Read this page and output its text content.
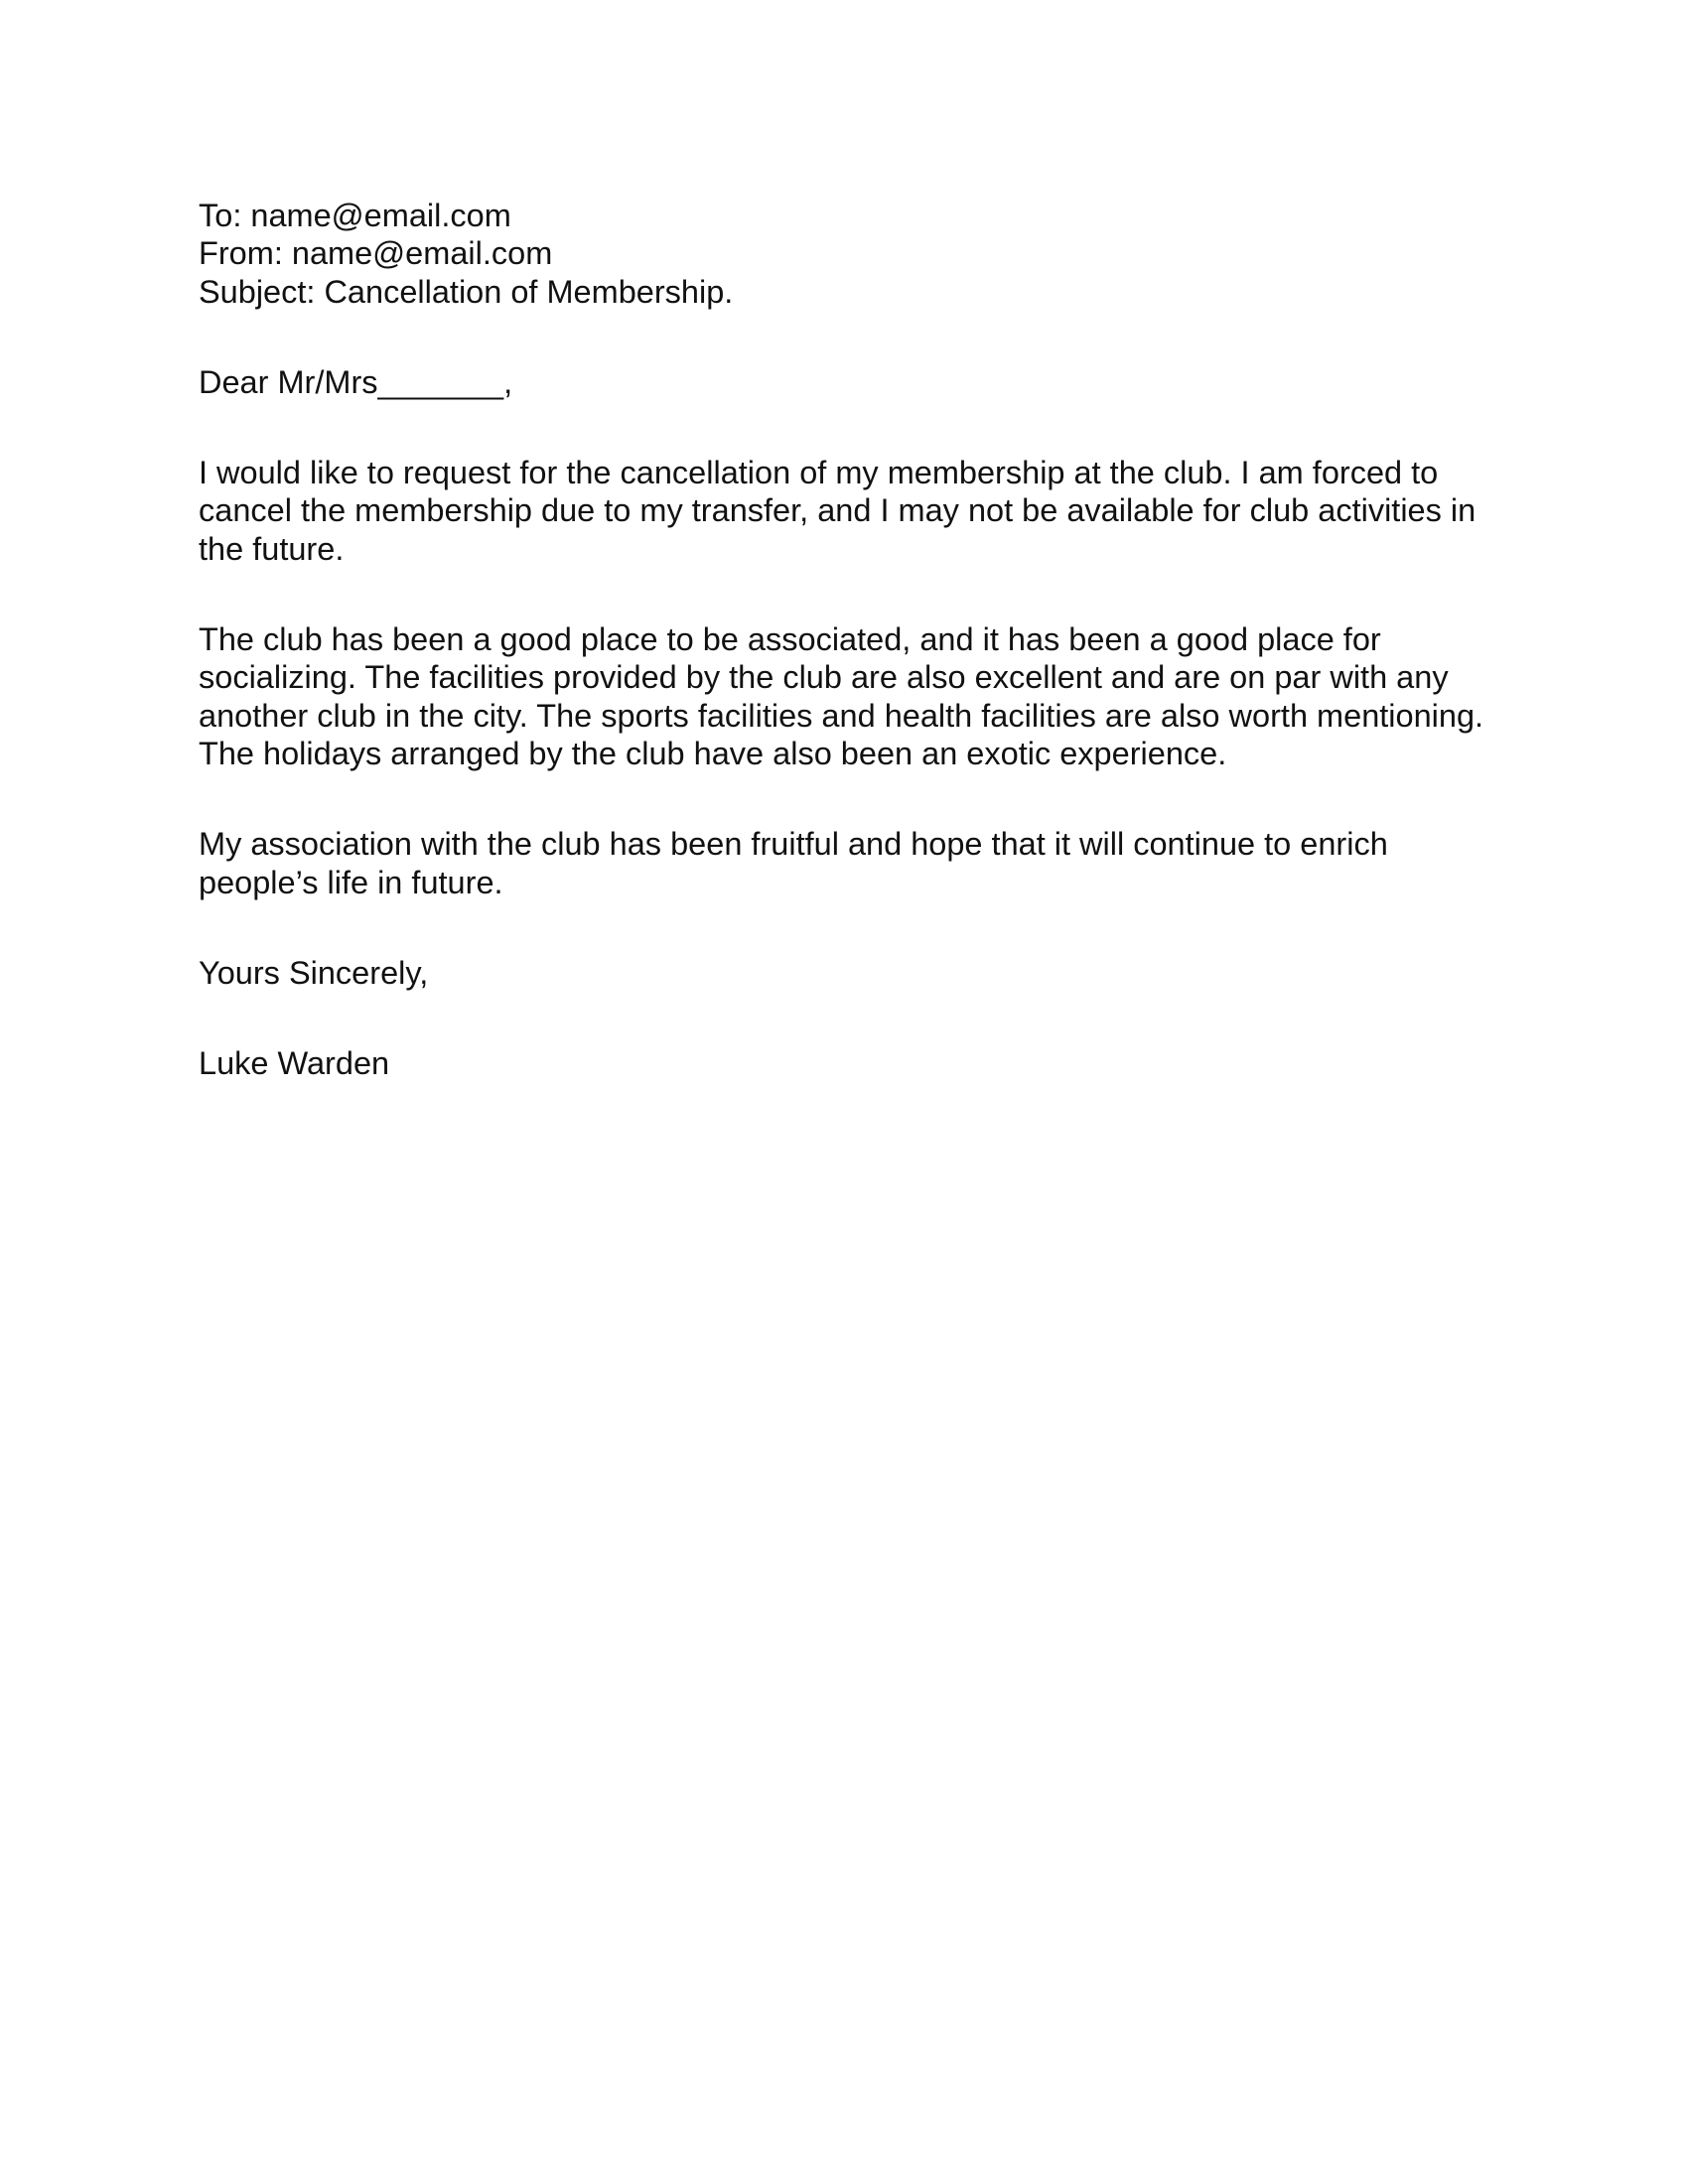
To: name@email.com

From: name@email.com

Subject: Cancellation of Membership.

Dear Mr/Mrs_______,

I would like to request for the cancellation of my membership at the club. I am forced to cancel the membership due to my transfer, and I may not be available for club activities in the future.

The club has been a good place to be associated, and it has been a good place for socializing. The facilities provided by the club are also excellent and are on par with any another club in the city. The sports facilities and health facilities are also worth mentioning. The holidays arranged by the club have also been an exotic experience.

My association with the club has been fruitful and hope that it will continue to enrich people’s life in future.

Yours Sincerely,

Luke Warden
